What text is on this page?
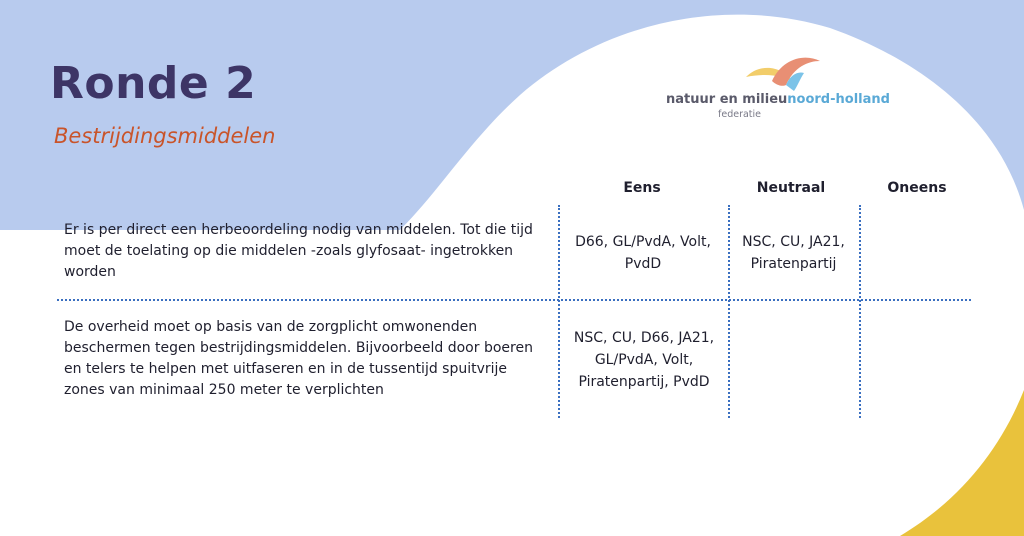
Ronde 2
Bestrijdingsmiddelen
natuur en milieunoord-holland
federatie
Eens	Neutraal	Oneens
Er is per direct een herbeoordeling nodig van middelen. Tot die tijd moet de toelating op die middelen -zoals glyfosaat- ingetrokken worden
D66, GL/PvdA, Volt, PvdD
NSC, CU, JA21, Piratenpartij
De overheid moet op basis van de zorgplicht omwonenden beschermen tegen bestrijdingsmiddelen. Bijvoorbeeld door boeren en telers te helpen met uitfaseren en in de tussentijd spuitvrije zones van minimaal 250 meter te verplichten
NSC, CU, D66, JA21, GL/PvdA, Volt, Piratenpartij, PvdD
